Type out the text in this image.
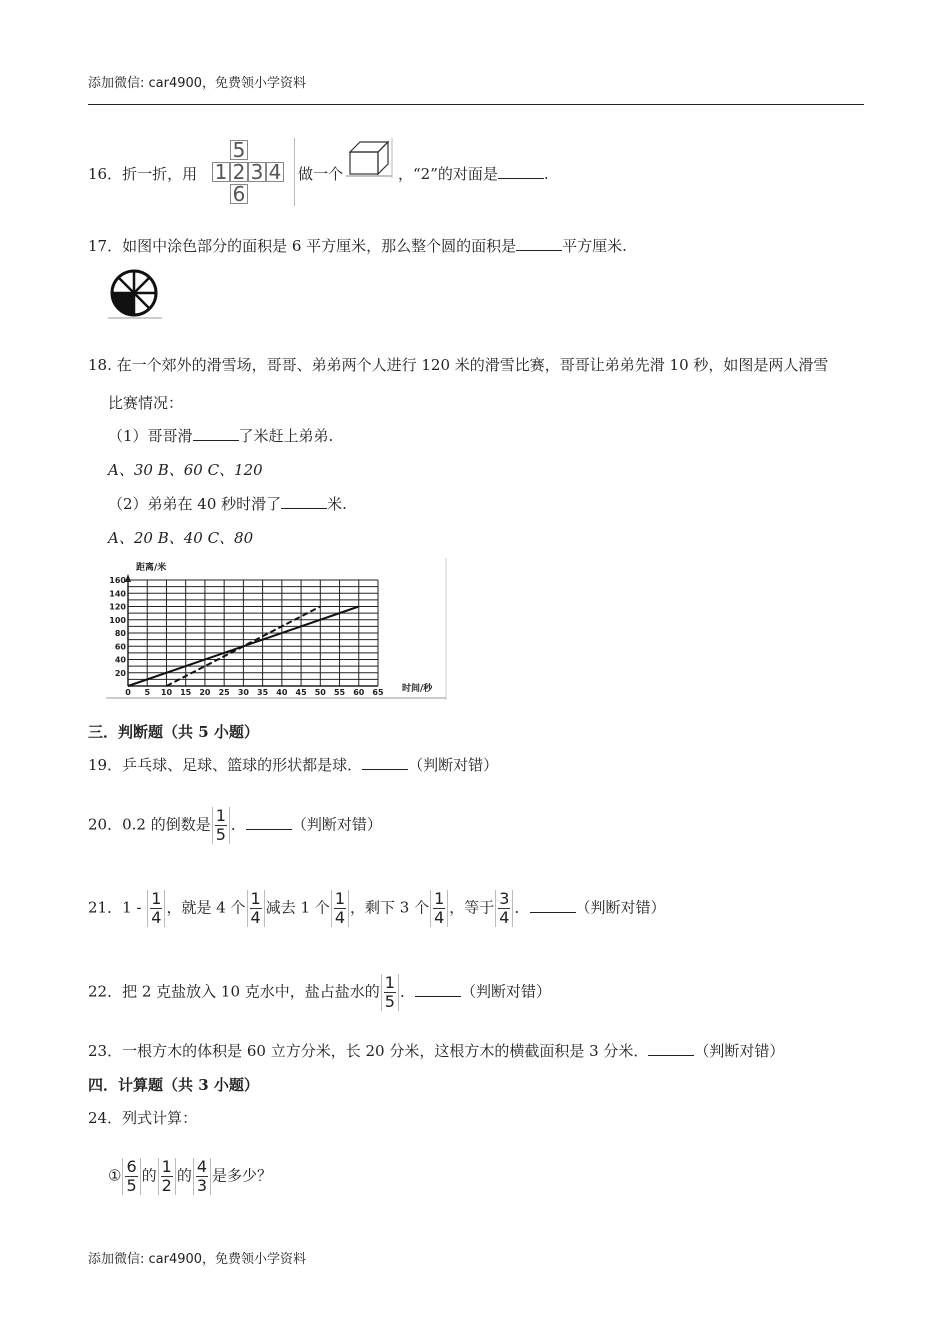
添加微信: car4900，免费领小学资料
16．折一折，用
5
1 2 3 4
6
做一个	，“2”的对面是	.
17．如图中涂色部分的面积是 6 平方厘米，那么整个圆的面积是	平方厘米.
18. 在一个郊外的滑雪场，哥哥、弟弟两个人进行 120 米的滑雪比赛，哥哥让弟弟先滑 10 秒，如图是两人滑雪
比赛情况：
（1）哥哥滑	了米赶上弟弟.
A、30 B、60 C、120
（2）弟弟在 40 秒时滑了	米.
A、20 B、40 C、80
0 5 10 15 20 25 30 35 40 45 50 55 60 65
20
40
60
80
100
120
140
160
距离/米
时间/秒
三．判断题（共 5 小题）
19．乒乓球、足球、篮球的形状都是球．	（判断对错）
20．0.2 的倒数是 $\frac{1}{5}$ ．	（判断对错）
21．$1 - \frac{1}{4}$ ，就是 4 个 $\frac{1}{4}$ 减去 1 个 $\frac{1}{4}$ ，剩下 3 个 $\frac{1}{4}$ ，等于 $\frac{3}{4}$ ．	（判断对错）
22．把 2 克盐放入 10 克水中，盐占盐水的 $\frac{1}{5}$ ．	（判断对错）
23．一根方木的体积是 60 立方分米，长 20 分米，这根方木的横截面积是 3 分米．	（判断对错）
四．计算题（共 3 小题）
24．列式计算：
① $\frac{6}{5}$ 的 $\frac{1}{2}$ 的 $\frac{4}{3}$ 是多少？
添加微信: car4900，免费领小学资料
